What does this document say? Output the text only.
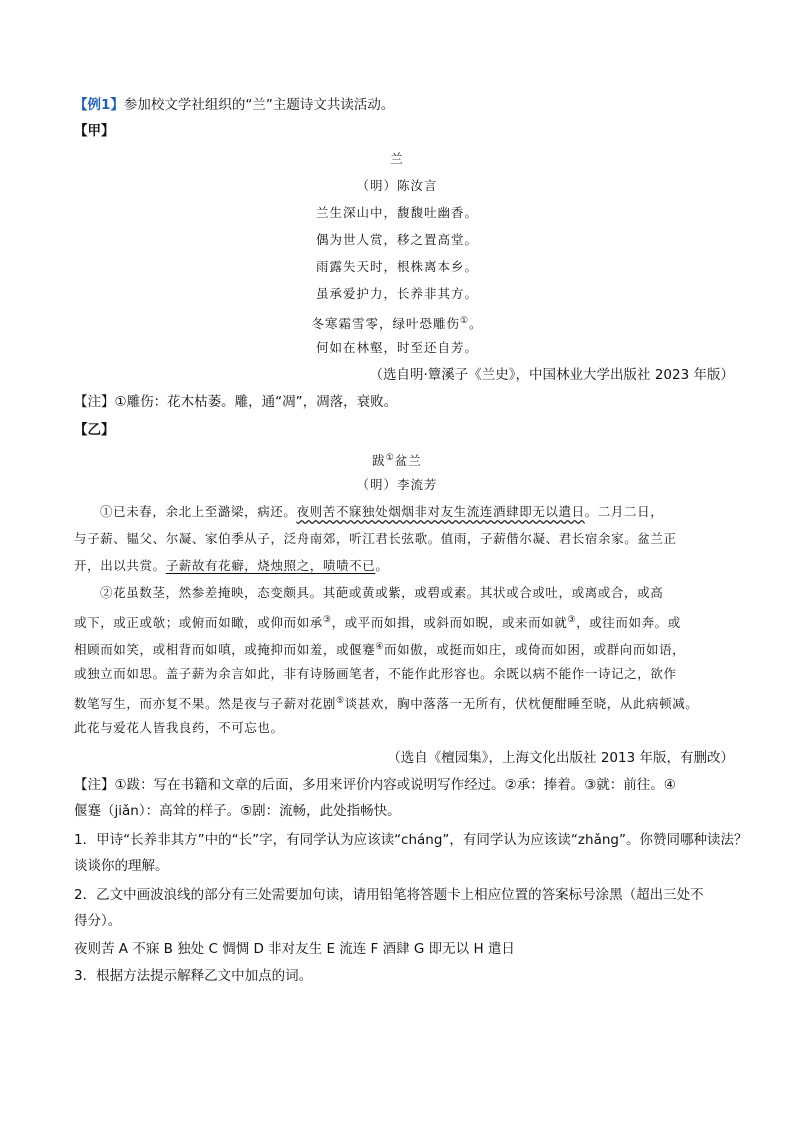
【例1】参加校文学社组织的“兰”主题诗文共读活动。
【甲】
兰
（明）陈汝言
兰生深山中，馥馥吐幽香。
偶为世人赏，移之置高堂。
雨露失天时，根株离本乡。
虽承爱护力，长养非其方。
冬寒霜雪零，绿叶恐雕伤①。
何如在林壑，时至还自芳。
（选自明·簟溪子《兰史》，中国林业大学出版社 2023 年版）
【注】①雕伤：花木枯萎。雕，通“凋”，凋落，衰败。
【乙】
跋①盆兰
（明）李流芳
①已未春，余北上至潞梁，病还。夜则苦不寐独处烟烟非对友生流连酒肆即无以遣日。二月二日，
与子薪、韫父、尔凝、家伯季从子，泛舟南郊，听江君长弦歌。值雨，子薪偕尔凝、君长宿余家。盆兰正
开，出以共赏。子薪故有花癖，烧烛照之，啧啧不已。
②花虽数茎，然参差掩映，态变颇具。其葩或黄或紫，或碧或素。其状或合或吐，或离或合，或高
或下，或正或欹；或俯而如瞰，或仰而如承③，或平而如揖，或斜而如睨，或来而如就③，或往而如奔。或
相顾而如笑，或相背而如嗔，或掩抑而如羞，或偃蹇④而如傲，或挺而如庄，或倚而如困，或群向而如语，
或独立而如思。盖子薪为余言如此，非有诗肠画笔者，不能作此形容也。余既以病不能作一诗记之，欲作
数笔写生，而亦复不果。然是夜与子薪对花剧⑤谈甚欢，胸中落落一无所有，伏枕便酣睡至晓，从此病顿减。
此花与爱花人皆我良药，不可忘也。
（选自《檀园集》，上海文化出版社 2013 年版，有删改）
【注】①跋：写在书籍和文章的后面，多用来评价内容或说明写作经过。②承：捧着。③就：前往。④
偃蹇（jiǎn）：高耸的样子。⑤剧：流畅，此处指畅快。
1．甲诗“长养非其方”中的“长”字，有同学认为应该读“cháng”，有同学认为应该读“zhǎng”。你赞同哪种读法？
谈谈你的理解。
2．乙文中画波浪线的部分有三处需要加句读，请用铅笔将答题卡上相应位置的答案标号涂黑（超出三处不
得分）。
夜则苦 A 不寐 B 独处 C 惆惆 D 非对友生 E 流连 F 酒肆 G 即无以 H 遣日
3．根据方法提示解释乙文中加点的词。
